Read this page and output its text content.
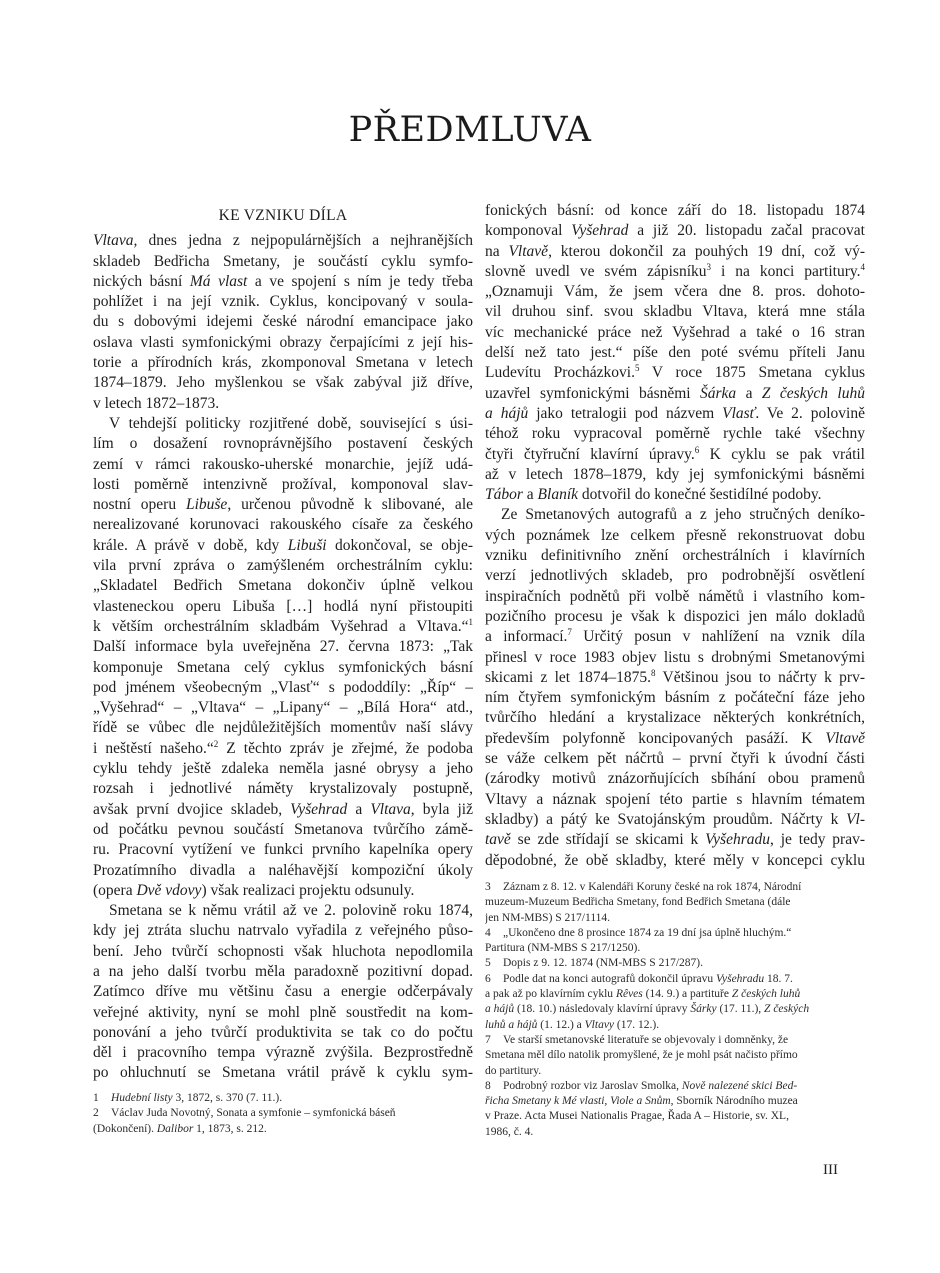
PŘEDMLUVA
KE VZNIKU DÍLA
Vltava, dnes jedna z nejpopulárnějších a nejhranějších
skladeb Bedřicha Smetany, je součástí cyklu symfo-
nických básní Má vlast a ve spojení s ním je tedy třeba
pohlížet i na její vznik. Cyklus, koncipovaný v soula-
du s dobovými idejemi české národní emancipace jako
oslava vlasti symfonickými obrazy čerpajícími z její his-
torie a přírodních krás, zkomponoval Smetana v letech
1874–1879. Jeho myšlenkou se však zabýval již dříve,
v letech 1872–1873.
V tehdejší politicky rozjitřené době, související s úsi-
lím o dosažení rovnoprávnějšího postavení českých
zemí v rámci rakousko-uherské monarchie, jejíž udá-
losti poměrně intenzivně prožíval, komponoval slav-
nostní operu Libuše, určenou původně k slibované, ale
nerealizované korunovaci rakouského císaře za českého
krále. A právě v době, kdy Libuši dokončoval, se obje-
vila první zpráva o zamýšleném orchestrálním cyklu:
„Skladatel Bedřich Smetana dokončiv úplně velkou
vlasteneckou operu Libuša […] hodlá nyní přistoupiti
k větším orchestrálním skladbám Vyšehrad a Vltava.“$^1$
Další informace byla uveřejněna 27. června 1873: „Tak
komponuje Smetana celý cyklus symfonických básní
pod jménem všeobecným „Vlasť“ s pododdíly: „Říp“ –
„Vyšehrad“ – „Vltava“ – „Lipany“ – „Bílá Hora“ atd.,
řídě se vůbec dle nejdůležitějších momentův naší slávy
i neštěstí našeho.“$^2$ Z těchto zpráv je zřejmé, že podoba
cyklu tehdy ještě zdaleka neměla jasné obrysy a jeho
rozsah i jednotlivé náměty krystalizovaly postupně,
avšak první dvojice skladeb, Vyšehrad a Vltava, byla již
od počátku pevnou součástí Smetanova tvůrčího zámě-
ru. Pracovní vytížení ve funkci prvního kapelníka opery
Prozatímního divadla a naléhavější kompoziční úkoly
(opera Dvě vdovy) však realizaci projektu odsunuly.
Smetana se k němu vrátil až ve 2. polovině roku 1874,
kdy jej ztráta sluchu natrvalo vyřadila z veřejného půso-
bení. Jeho tvůrčí schopnosti však hluchota nepodlomila
a na jeho další tvorbu měla paradoxně pozitivní dopad.
Zatímco dříve mu většinu času a energie odčerpávaly
veřejné aktivity, nyní se mohl plně soustředit na kom-
ponování a jeho tvůrčí produktivita se tak co do počtu
děl i pracovního tempa výrazně zvýšila. Bezprostředně
po ohluchnutí se Smetana vrátil právě k cyklu sym-
fonických básní: od konce září do 18. listopadu 1874
komponoval Vyšehrad a již 20. listopadu začal pracovat
na Vltavě, kterou dokončil za pouhých 19 dní, což vý-
slovně uvedl ve svém zápisníku$^3$ i na konci partitury.$^4$
„Oznamuji Vám, že jsem včera dne 8. pros. dohoto-
vil druhou sinf. svou skladbu Vltava, která mne stála
víc mechanické práce než Vyšehrad a také o 16 stran
delší než tato jest.“ píše den poté svému příteli Janu
Ludevítu Procházkovi.$^5$ V roce 1875 Smetana cyklus
uzavřel symfonickými básněmi Šárka a Z českých luhů
a hájů jako tetralogii pod názvem Vlasť. Ve 2. polovině
téhož roku vypracoval poměrně rychle také všechny
čtyři čtyřruční klavírní úpravy.$^6$ K cyklu se pak vrátil
až v letech 1878–1879, kdy jej symfonickými básněmi
Tábor a Blaník dotvořil do konečné šestidílné podoby.
Ze Smetanových autografů a z jeho stručných deníko-
vých poznámek lze celkem přesně rekonstruovat dobu
vzniku definitivního znění orchestrálních i klavírních
verzí jednotlivých skladeb, pro podrobnější osvětlení
inspiračních podnětů při volbě námětů i vlastního kom-
pozičního procesu je však k dispozici jen málo dokladů
a informací.$^7$ Určitý posun v nahlížení na vznik díla
přinesl v roce 1983 objev listu s drobnými Smetanovými
skicami z let 1874–1875.$^8$ Většinou jsou to náčrty k prv-
ním čtyřem symfonickým básním z počáteční fáze jeho
tvůrčího hledání a krystalizace některých konkrétních,
především polyfonně koncipovaných pasáží. K Vltavě
se váže celkem pět náčrtů – první čtyři k úvodní části
(zárodky motivů znázorňujících sbíhání obou pramenů
Vltavy a náznak spojení této partie s hlavním tématem
skladby) a pátý ke Svatojánským proudům. Náčrty k Vl-
tavě se zde střídají se skicami k Vyšehradu, je tedy prav-
děpodobné, že obě skladby, které měly v koncepci cyklu
1 Hudební listy 3, 1872, s. 370 (7. 11.).
2 Václav Juda Novotný, Sonata a symfonie – symfonická báseň
(Dokončení). Dalibor 1, 1873, s. 212.
3 Záznam z 8. 12. v Kalendáři Koruny české na rok 1874, Národní
muzeum-Muzeum Bedřicha Smetany, fond Bedřich Smetana (dále
jen NM-MBS) S 217/1114.
4 „Ukončeno dne 8 prosince 1874 za 19 dní jsa úplně hluchým.“
Partitura (NM-MBS S 217/1250).
5 Dopis z 9. 12. 1874 (NM-MBS S 217/287).
6 Podle dat na konci autografů dokončil úpravu Vyšehradu 18. 7.
a pak až po klavírním cyklu Rêves (14. 9.) a partituře Z českých luhů
a hájů (18. 10.) následovaly klavírní úpravy Šárky (17. 11.), Z českých
luhů a hájů (1. 12.) a Vltavy (17. 12.).
7 Ve starší smetanovské literatuře se objevovaly i domněnky, že
Smetana měl dílo natolik promyšlené, že je mohl psát načisto přímo
do partitury.
8 Podrobný rozbor viz Jaroslav Smolka, Nově nalezené skici Bed-
řicha Smetany k Mé vlasti, Viole a Snům, Sborník Národního muzea
v Praze. Acta Musei Nationalis Pragae, Řada A – Historie, sv. XL,
1986, č. 4.
III
